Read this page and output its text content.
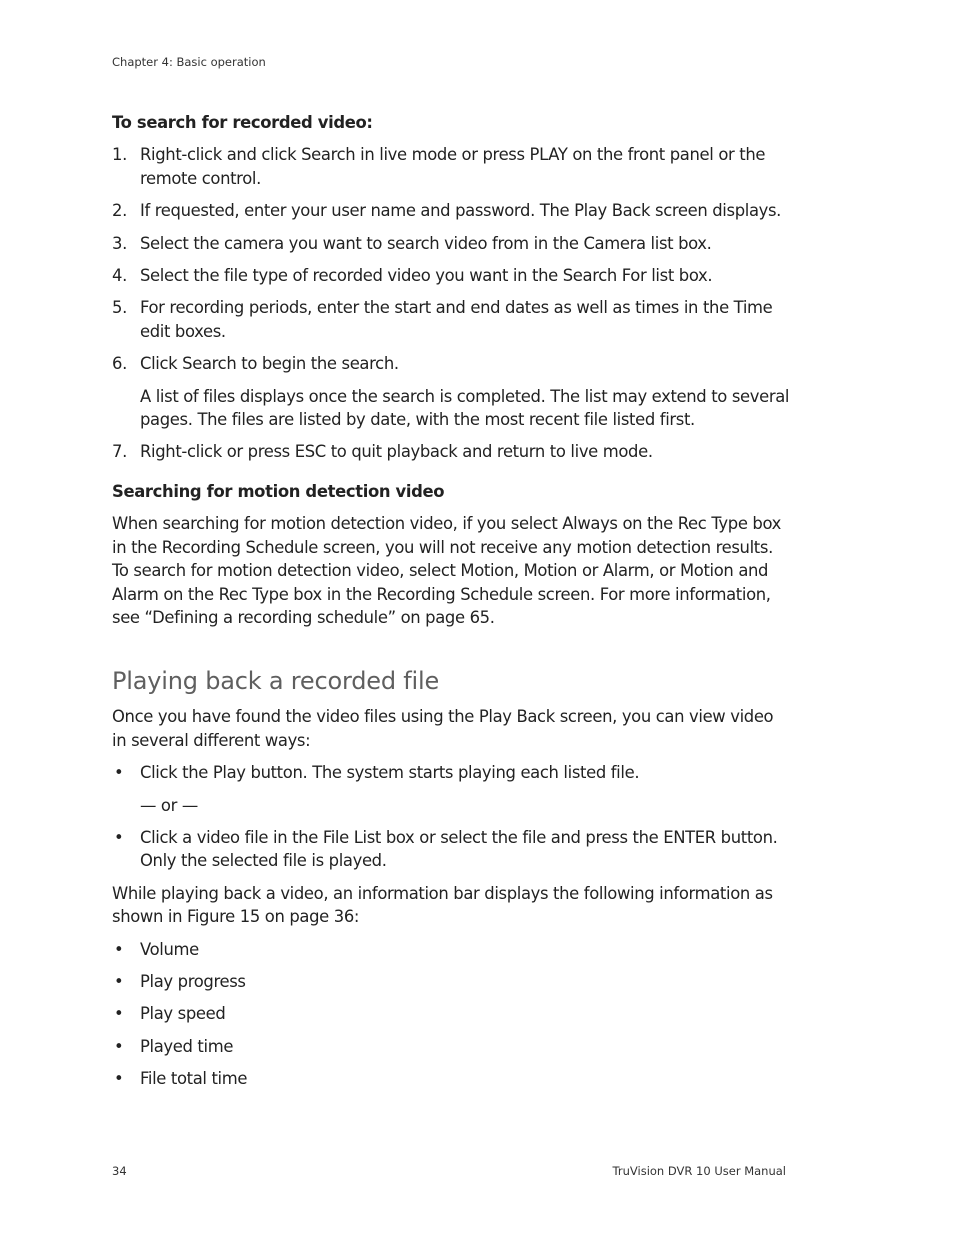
Chapter 4: Basic operation
To search for recorded video:
1. Right-click and click Search in live mode or press PLAY on the front panel or the remote control.
2. If requested, enter your user name and password. The Play Back screen displays.
3. Select the camera you want to search video from in the Camera list box.
4. Select the file type of recorded video you want in the Search For list box.
5. For recording periods, enter the start and end dates as well as times in the Time edit boxes.
6. Click Search to begin the search.
A list of files displays once the search is completed. The list may extend to several pages. The files are listed by date, with the most recent file listed first.
7. Right-click or press ESC to quit playback and return to live mode.
Searching for motion detection video

When searching for motion detection video, if you select Always on the Rec Type box in the Recording Schedule screen, you will not receive any motion detection results. To search for motion detection video, select Motion, Motion or Alarm, or Motion and Alarm on the Rec Type box in the Recording Schedule screen. For more information, see “Defining a recording schedule” on page 65.

Playing back a recorded file

Once you have found the video files using the Play Back screen, you can view video in several different ways:

• Click the Play button. The system starts playing each listed file.
— or —
• Click a video file in the File List box or select the file and press the ENTER button. Only the selected file is played.

While playing back a video, an information bar displays the following information as shown in Figure 15 on page 36:

• Volume
• Play progress
• Play speed
• Played time
• File total time
34	TruVision DVR 10 User Manual
